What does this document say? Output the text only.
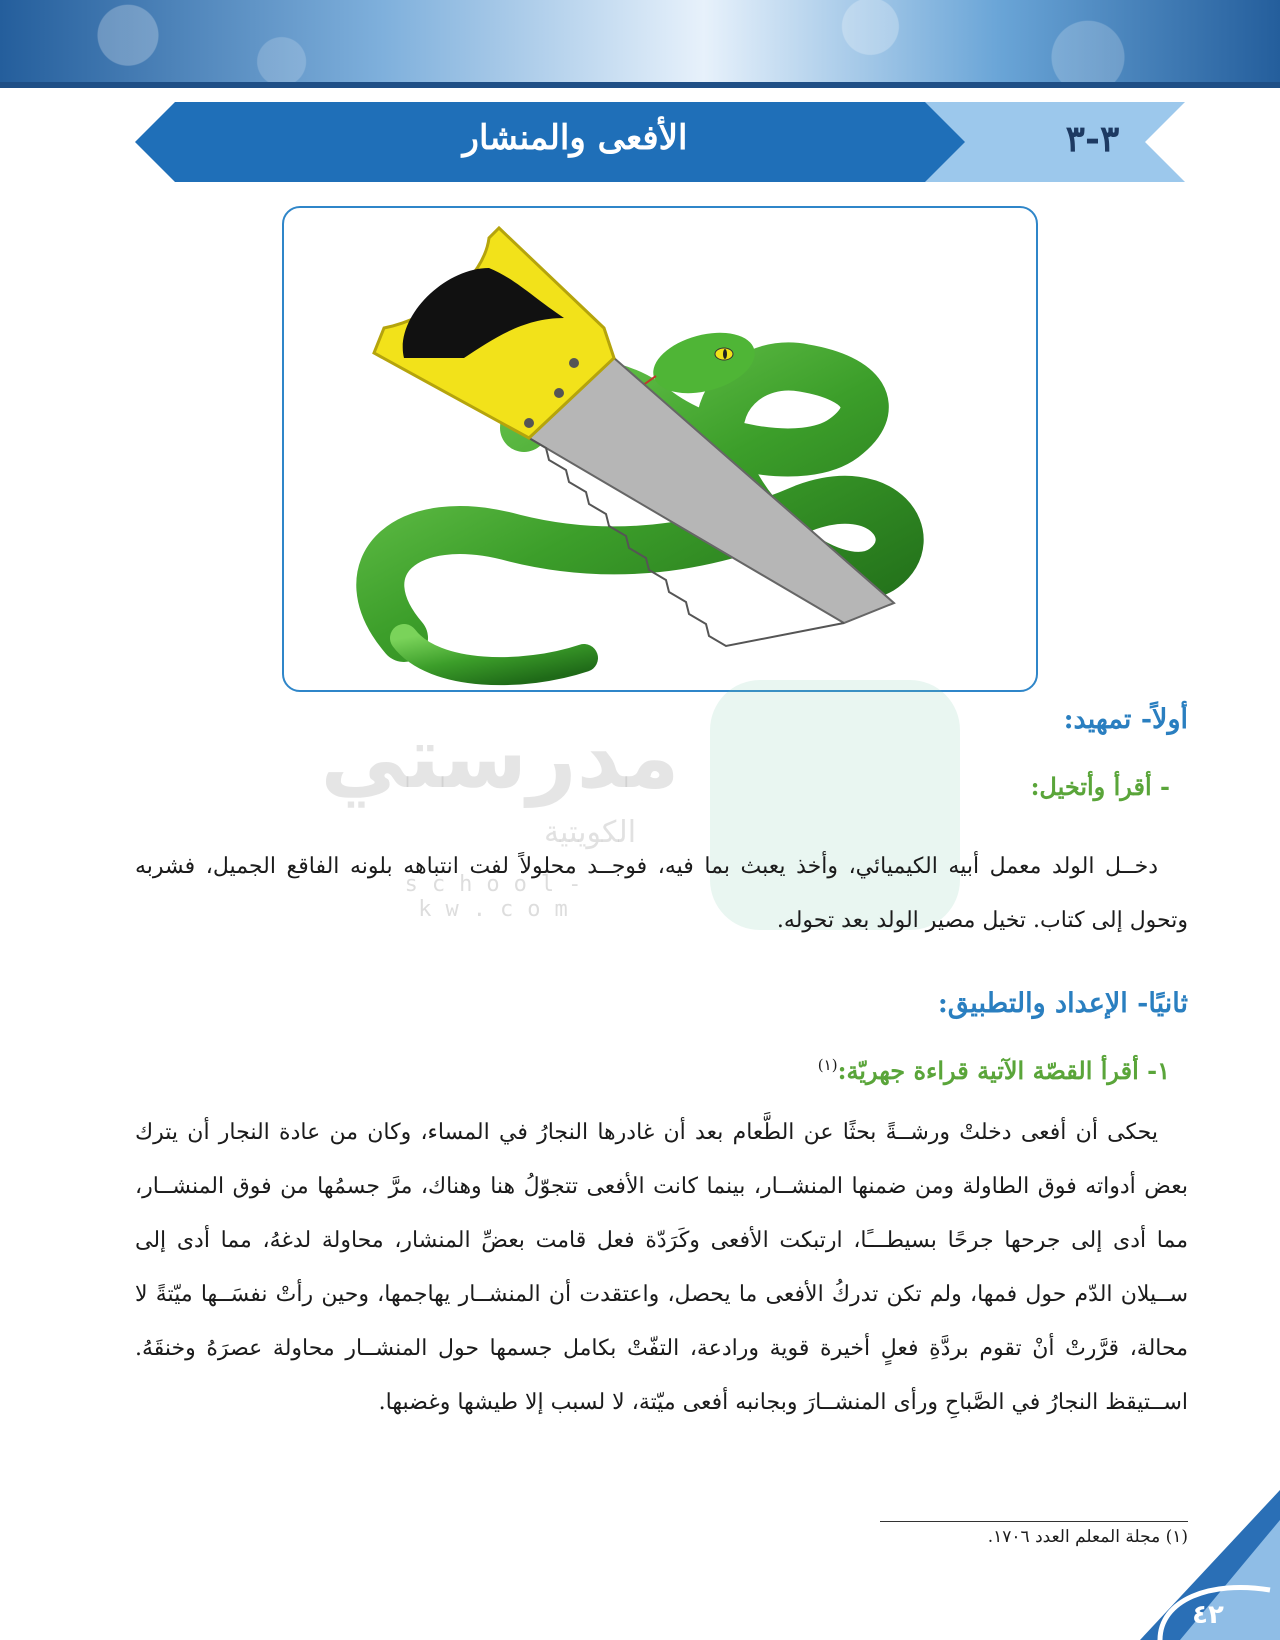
الأفعى والمنشار	٣-٣
مدرستي
الكويتية
school-kw.com
أولاً- تمهيد:
- أقرأ وأتخيل:

دخــل الولد معمل أبيه الكيميائي، وأخذ يعبث بما فيه، فوجــد محلولاً لفت انتباهه بلونه الفاقع الجميل، فشربه وتحول إلى كتاب. تخيل مصير الولد بعد تحوله.

ثانيًا- الإعداد والتطبيق:
١- أقرأ القصّة الآتية قراءة جهريّة:$^{(١)}$

يحكى أن أفعى دخلتْ ورشــةً بحثًا عن الطَّعام بعد أن غادرها النجارُ في المساء، وكان من عادة النجار أن يترك بعض أدواته فوق الطاولة ومن ضمنها المنشــار، بينما كانت الأفعى تتجوّلُ هنا وهناك، مرَّ جسمُها من فوق المنشــار، مما أدى إلى جرحها جرحًا بسيطـــًا، ارتبكت الأفعى وكَرَدّة فعل قامت بعضِّ المنشار، محاولة لدغهُ، مما أدى إلى ســيلان الدّم حول فمها، ولم تكن تدركُ الأفعى ما يحصل، واعتقدت أن المنشــار يهاجمها، وحين رأتْ نفسَــها ميّتةً لا محالة، قرَّرتْ أنْ تقوم بردَّةِ فعلٍ أخيرة قوية ورادعة، التفّتْ بكامل جسمها حول المنشــار محاولة عصرَهُ وخنقَهُ. اســتيقظ النجارُ في الصَّباحِ ورأى المنشــارَ وبجانبه أفعى ميّتة، لا لسبب إلا طيشها وغضبها.

(١) مجلة المعلم العدد ١٧٠٦.
٤٢
